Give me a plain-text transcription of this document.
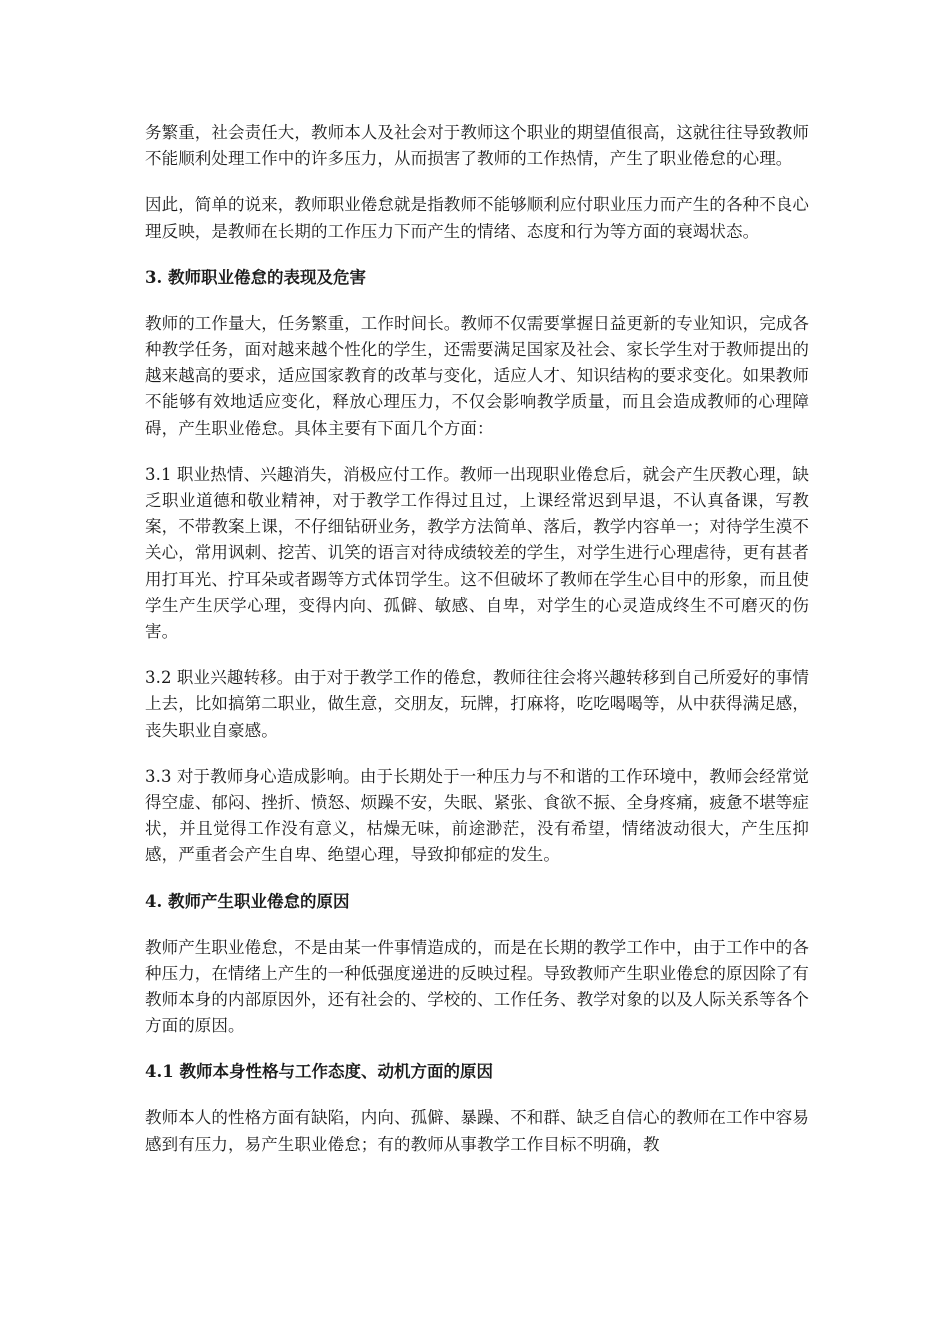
务繁重，社会责任大，教师本人及社会对于教师这个职业的期望值很高，这就往往导致教师不能顺利处理工作中的许多压力，从而损害了教师的工作热情，产生了职业倦怠的心理。

因此，简单的说来，教师职业倦怠就是指教师不能够顺利应付职业压力而产生的各种不良心理反映，是教师在长期的工作压力下而产生的情绪、态度和行为等方面的衰竭状态。

3. 教师职业倦怠的表现及危害

教师的工作量大，任务繁重，工作时间长。教师不仅需要掌握日益更新的专业知识，完成各种教学任务，面对越来越个性化的学生，还需要满足国家及社会、家长学生对于教师提出的越来越高的要求，适应国家教育的改革与变化，适应人才、知识结构的要求变化。如果教师不能够有效地适应变化，释放心理压力，不仅会影响教学质量，而且会造成教师的心理障碍，产生职业倦怠。具体主要有下面几个方面：

3.1 职业热情、兴趣消失，消极应付工作。教师一出现职业倦怠后，就会产生厌教心理，缺乏职业道德和敬业精神，对于教学工作得过且过，上课经常迟到早退，不认真备课，写教案，不带教案上课，不仔细钻研业务，教学方法简单、落后，教学内容单一；对待学生漠不关心，常用讽刺、挖苦、讥笑的语言对待成绩较差的学生，对学生进行心理虐待，更有甚者用打耳光、拧耳朵或者踢等方式体罚学生。这不但破坏了教师在学生心目中的形象，而且使学生产生厌学心理，变得内向、孤僻、敏感、自卑，对学生的心灵造成终生不可磨灭的伤害。

3.2 职业兴趣转移。由于对于教学工作的倦怠，教师往往会将兴趣转移到自己所爱好的事情上去，比如搞第二职业，做生意，交朋友，玩牌，打麻将，吃吃喝喝等，从中获得满足感，丧失职业自豪感。

3.3 对于教师身心造成影响。由于长期处于一种压力与不和谐的工作环境中，教师会经常觉得空虚、郁闷、挫折、愤怒、烦躁不安，失眠、紧张、食欲不振、全身疼痛，疲惫不堪等症状，并且觉得工作没有意义，枯燥无味，前途渺茫，没有希望，情绪波动很大，产生压抑感，严重者会产生自卑、绝望心理，导致抑郁症的发生。

4. 教师产生职业倦怠的原因

教师产生职业倦怠，不是由某一件事情造成的，而是在长期的教学工作中，由于工作中的各种压力，在情绪上产生的一种低强度递进的反映过程。导致教师产生职业倦怠的原因除了有教师本身的内部原因外，还有社会的、学校的、工作任务、教学对象的以及人际关系等各个方面的原因。

4.1 教师本身性格与工作态度、动机方面的原因

教师本人的性格方面有缺陷，内向、孤僻、暴躁、不和群、缺乏自信心的教师在工作中容易感到有压力，易产生职业倦怠；有的教师从事教学工作目标不明确，教
